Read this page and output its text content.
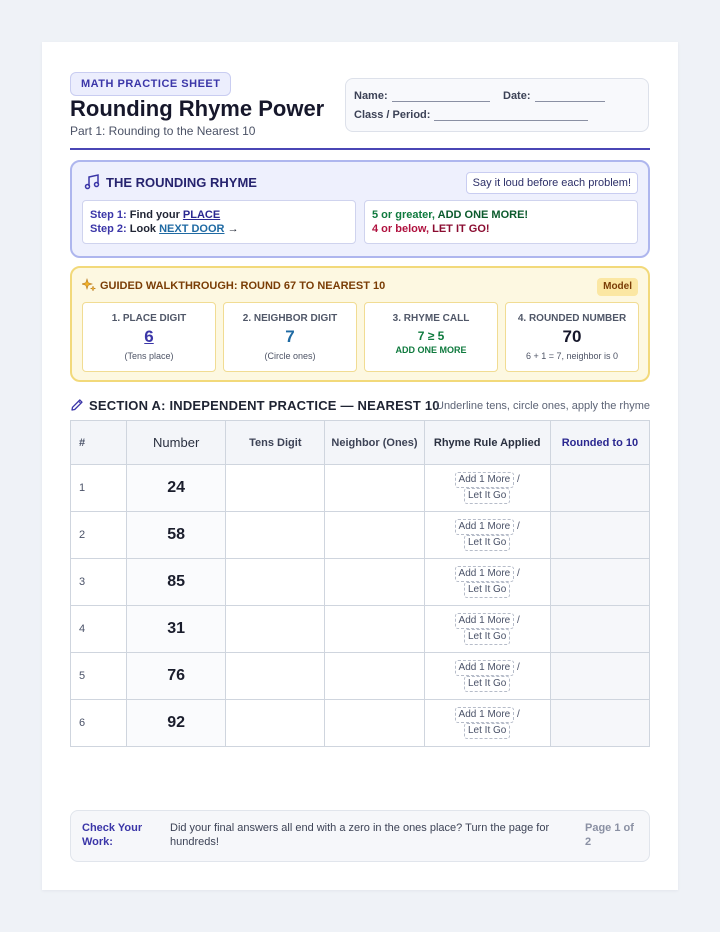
MATH PRACTICE SHEET
Rounding Rhyme Power
Part 1: Rounding to the Nearest 10
Name:	Date:
Class / Period:
THE ROUNDING RHYME	Say it loud before each problem!
Step 1: Find your PLACE
Step 2: Look NEXT DOOR →
5 or greater, ADD ONE MORE!
4 or below, LET IT GO!
GUIDED WALKTHROUGH: ROUND 67 TO NEAREST 10	Model
1. PLACE DIGIT
6
(Tens place)
2. NEIGHBOR DIGIT
7
(Circle ones)
3. RHYME CALL
7 ≥ 5
ADD ONE MORE
4. ROUNDED NUMBER
70
6 + 1 = 7, neighbor is 0
SECTION A: INDEPENDENT PRACTICE — NEAREST 10
Underline tens, circle ones, apply the rhyme
#	Number	Tens Digit	Neighbor (Ones)	Rhyme Rule Applied	Rounded to 10
1	24			Add 1 More /
Let It Go	
2	58			Add 1 More /
Let It Go	
3	85			Add 1 More /
Let It Go	
4	31			Add 1 More /
Let It Go	
5	76			Add 1 More /
Let It Go	
6	92			Add 1 More /
Let It Go	
Check Your Work:
Did your final answers all end with a zero in the ones place? Turn the page for hundreds!
Page 1 of 2
